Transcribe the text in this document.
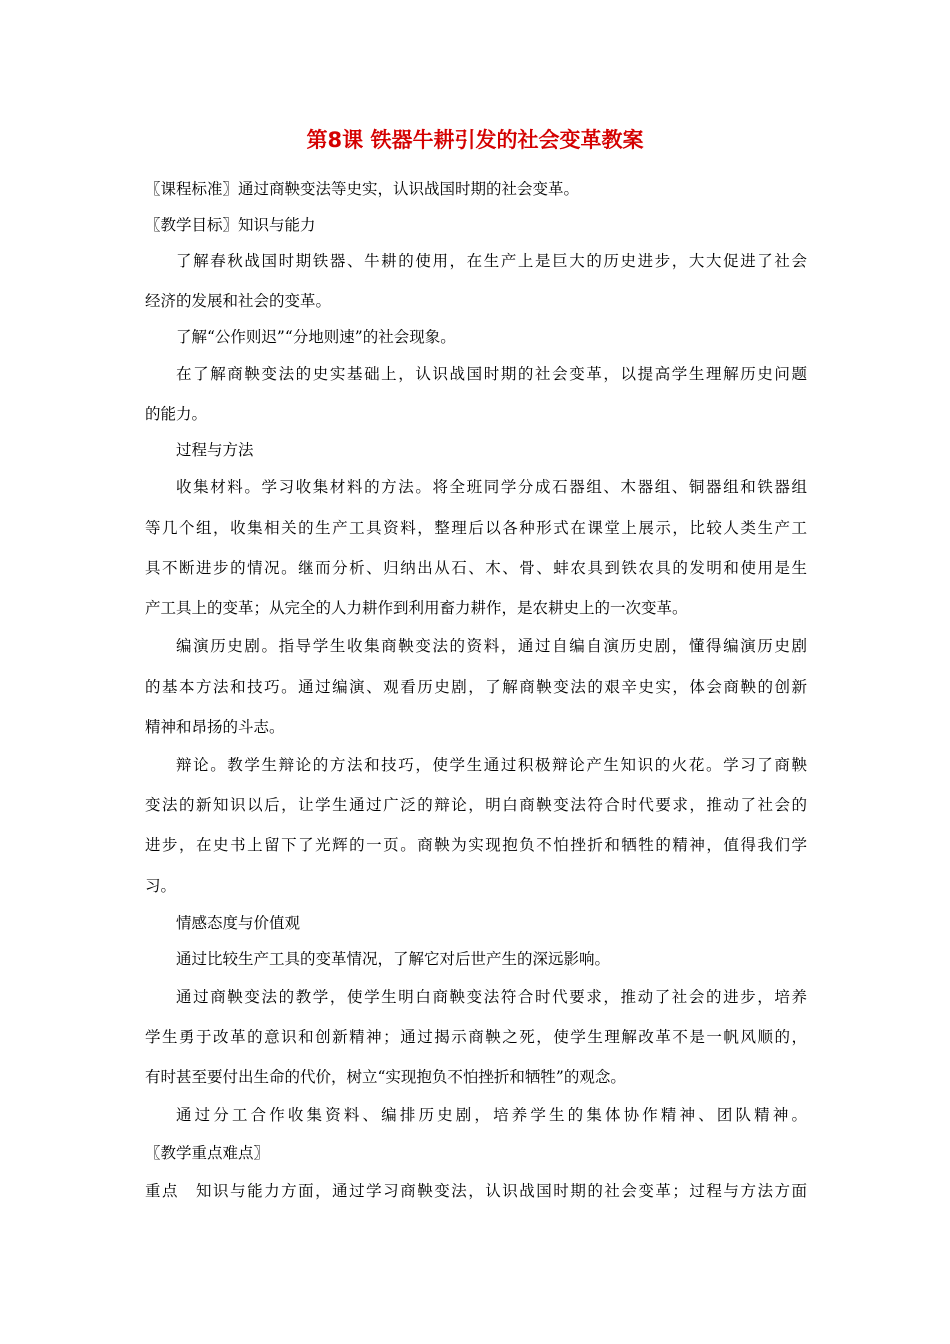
第8课 铁器牛耕引发的社会变革教案
〖课程标准〗通过商鞅变法等史实，认识战国时期的社会变革。
〖教学目标〗知识与能力
了解春秋战国时期铁器、牛耕的使用，在生产上是巨大的历史进步，大大促进了社会
经济的发展和社会的变革。
了解“公作则迟”“分地则速”的社会现象。
在了解商鞅变法的史实基础上，认识战国时期的社会变革，以提高学生理解历史问题
的能力。
过程与方法
收集材料。学习收集材料的方法。将全班同学分成石器组、木器组、铜器组和铁器组
等几个组，收集相关的生产工具资料，整理后以各种形式在课堂上展示，比较人类生产工
具不断进步的情况。继而分析、归纳出从石、木、骨、蚌农具到铁农具的发明和使用是生
产工具上的变革；从完全的人力耕作到利用畜力耕作，是农耕史上的一次变革。
编演历史剧。指导学生收集商鞅变法的资料，通过自编自演历史剧，懂得编演历史剧
的基本方法和技巧。通过编演、观看历史剧，了解商鞅变法的艰辛史实，体会商鞅的创新
精神和昂扬的斗志。
辩论。教学生辩论的方法和技巧，使学生通过积极辩论产生知识的火花。学习了商鞅
变法的新知识以后，让学生通过广泛的辩论，明白商鞅变法符合时代要求，推动了社会的
进步，在史书上留下了光辉的一页。商鞅为实现抱负不怕挫折和牺牲的精神，值得我们学
习。
情感态度与价值观
通过比较生产工具的变革情况，了解它对后世产生的深远影响。
通过商鞅变法的教学，使学生明白商鞅变法符合时代要求，推动了社会的进步，培养
学生勇于改革的意识和创新精神；通过揭示商鞅之死，使学生理解改革不是一帆风顺的，
有时甚至要付出生命的代价，树立“实现抱负不怕挫折和牺牲”的观念。
通过分工合作收集资料、编排历史剧，培养学生的集体协作精神、团队精神。
〖教学重点难点〗
重点　知识与能力方面，通过学习商鞅变法，认识战国时期的社会变革；过程与方法方面
